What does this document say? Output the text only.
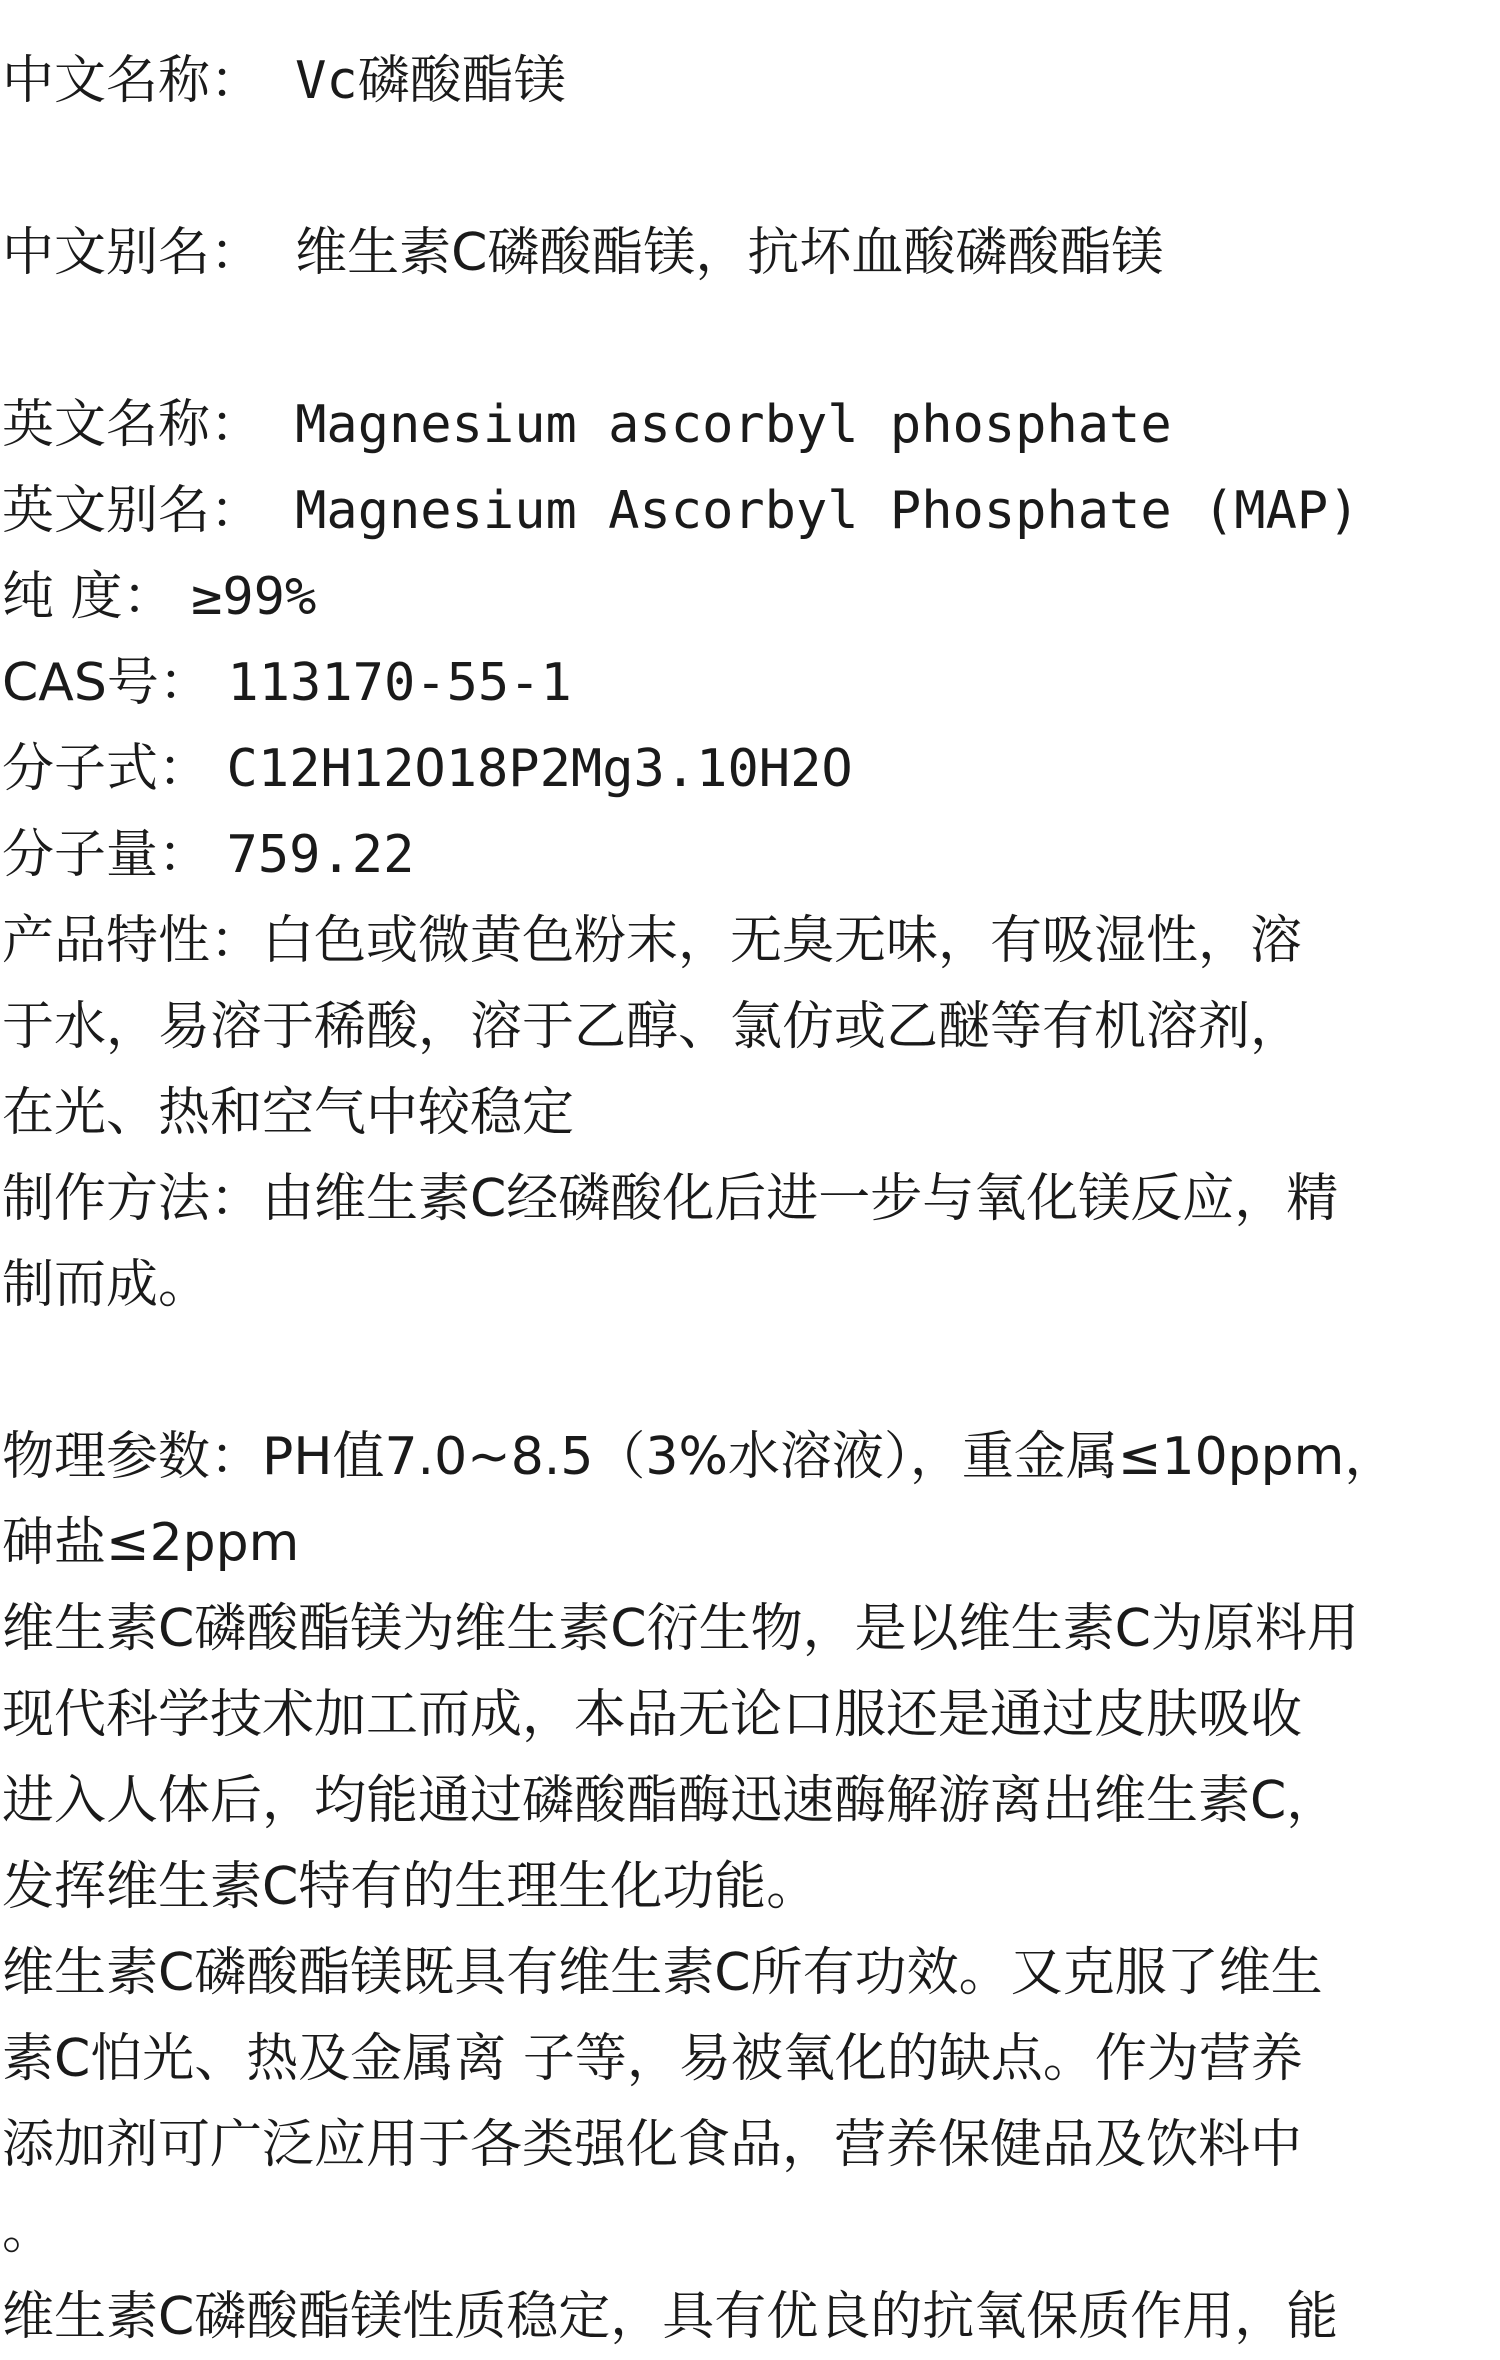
中文名称： Vc磷酸酯镁
中文别名： 维生素C磷酸酯镁，抗坏血酸磷酸酯镁
英文名称： Magnesium ascorbyl phosphate
英文别名： Magnesium Ascorbyl Phosphate (MAP)
纯 度： ≥99%
CAS号： 113170-55-1
分子式： C12H12O18P2Mg3.10H2O
分子量： 759.22
产品特性：白色或微黄色粉末，无臭无味，有吸湿性，溶
于水，易溶于稀酸，溶于乙醇、氯仿或乙醚等有机溶剂，
在光、热和空气中较稳定
制作方法：由维生素C经磷酸化后进一步与氧化镁反应，精
制而成。
物理参数：PH值7.0~8.5（3%水溶液），重金属≤10ppm，
砷盐≤2ppm
维生素C磷酸酯镁为维生素C衍生物，是以维生素C为原料用
现代科学技术加工而成，本品无论口服还是通过皮肤吸收
进入人体后，均能通过磷酸酯酶迅速酶解游离出维生素C，
发挥维生素C特有的生理生化功能。
维生素C磷酸酯镁既具有维生素C所有功效。又克服了维生
素C怕光、热及金属离 子等，易被氧化的缺点。作为营养
添加剂可广泛应用于各类强化食品，营养保健品及饮料中
。
维生素C磷酸酯镁性质稳定，具有优良的抗氧保质作用，能
